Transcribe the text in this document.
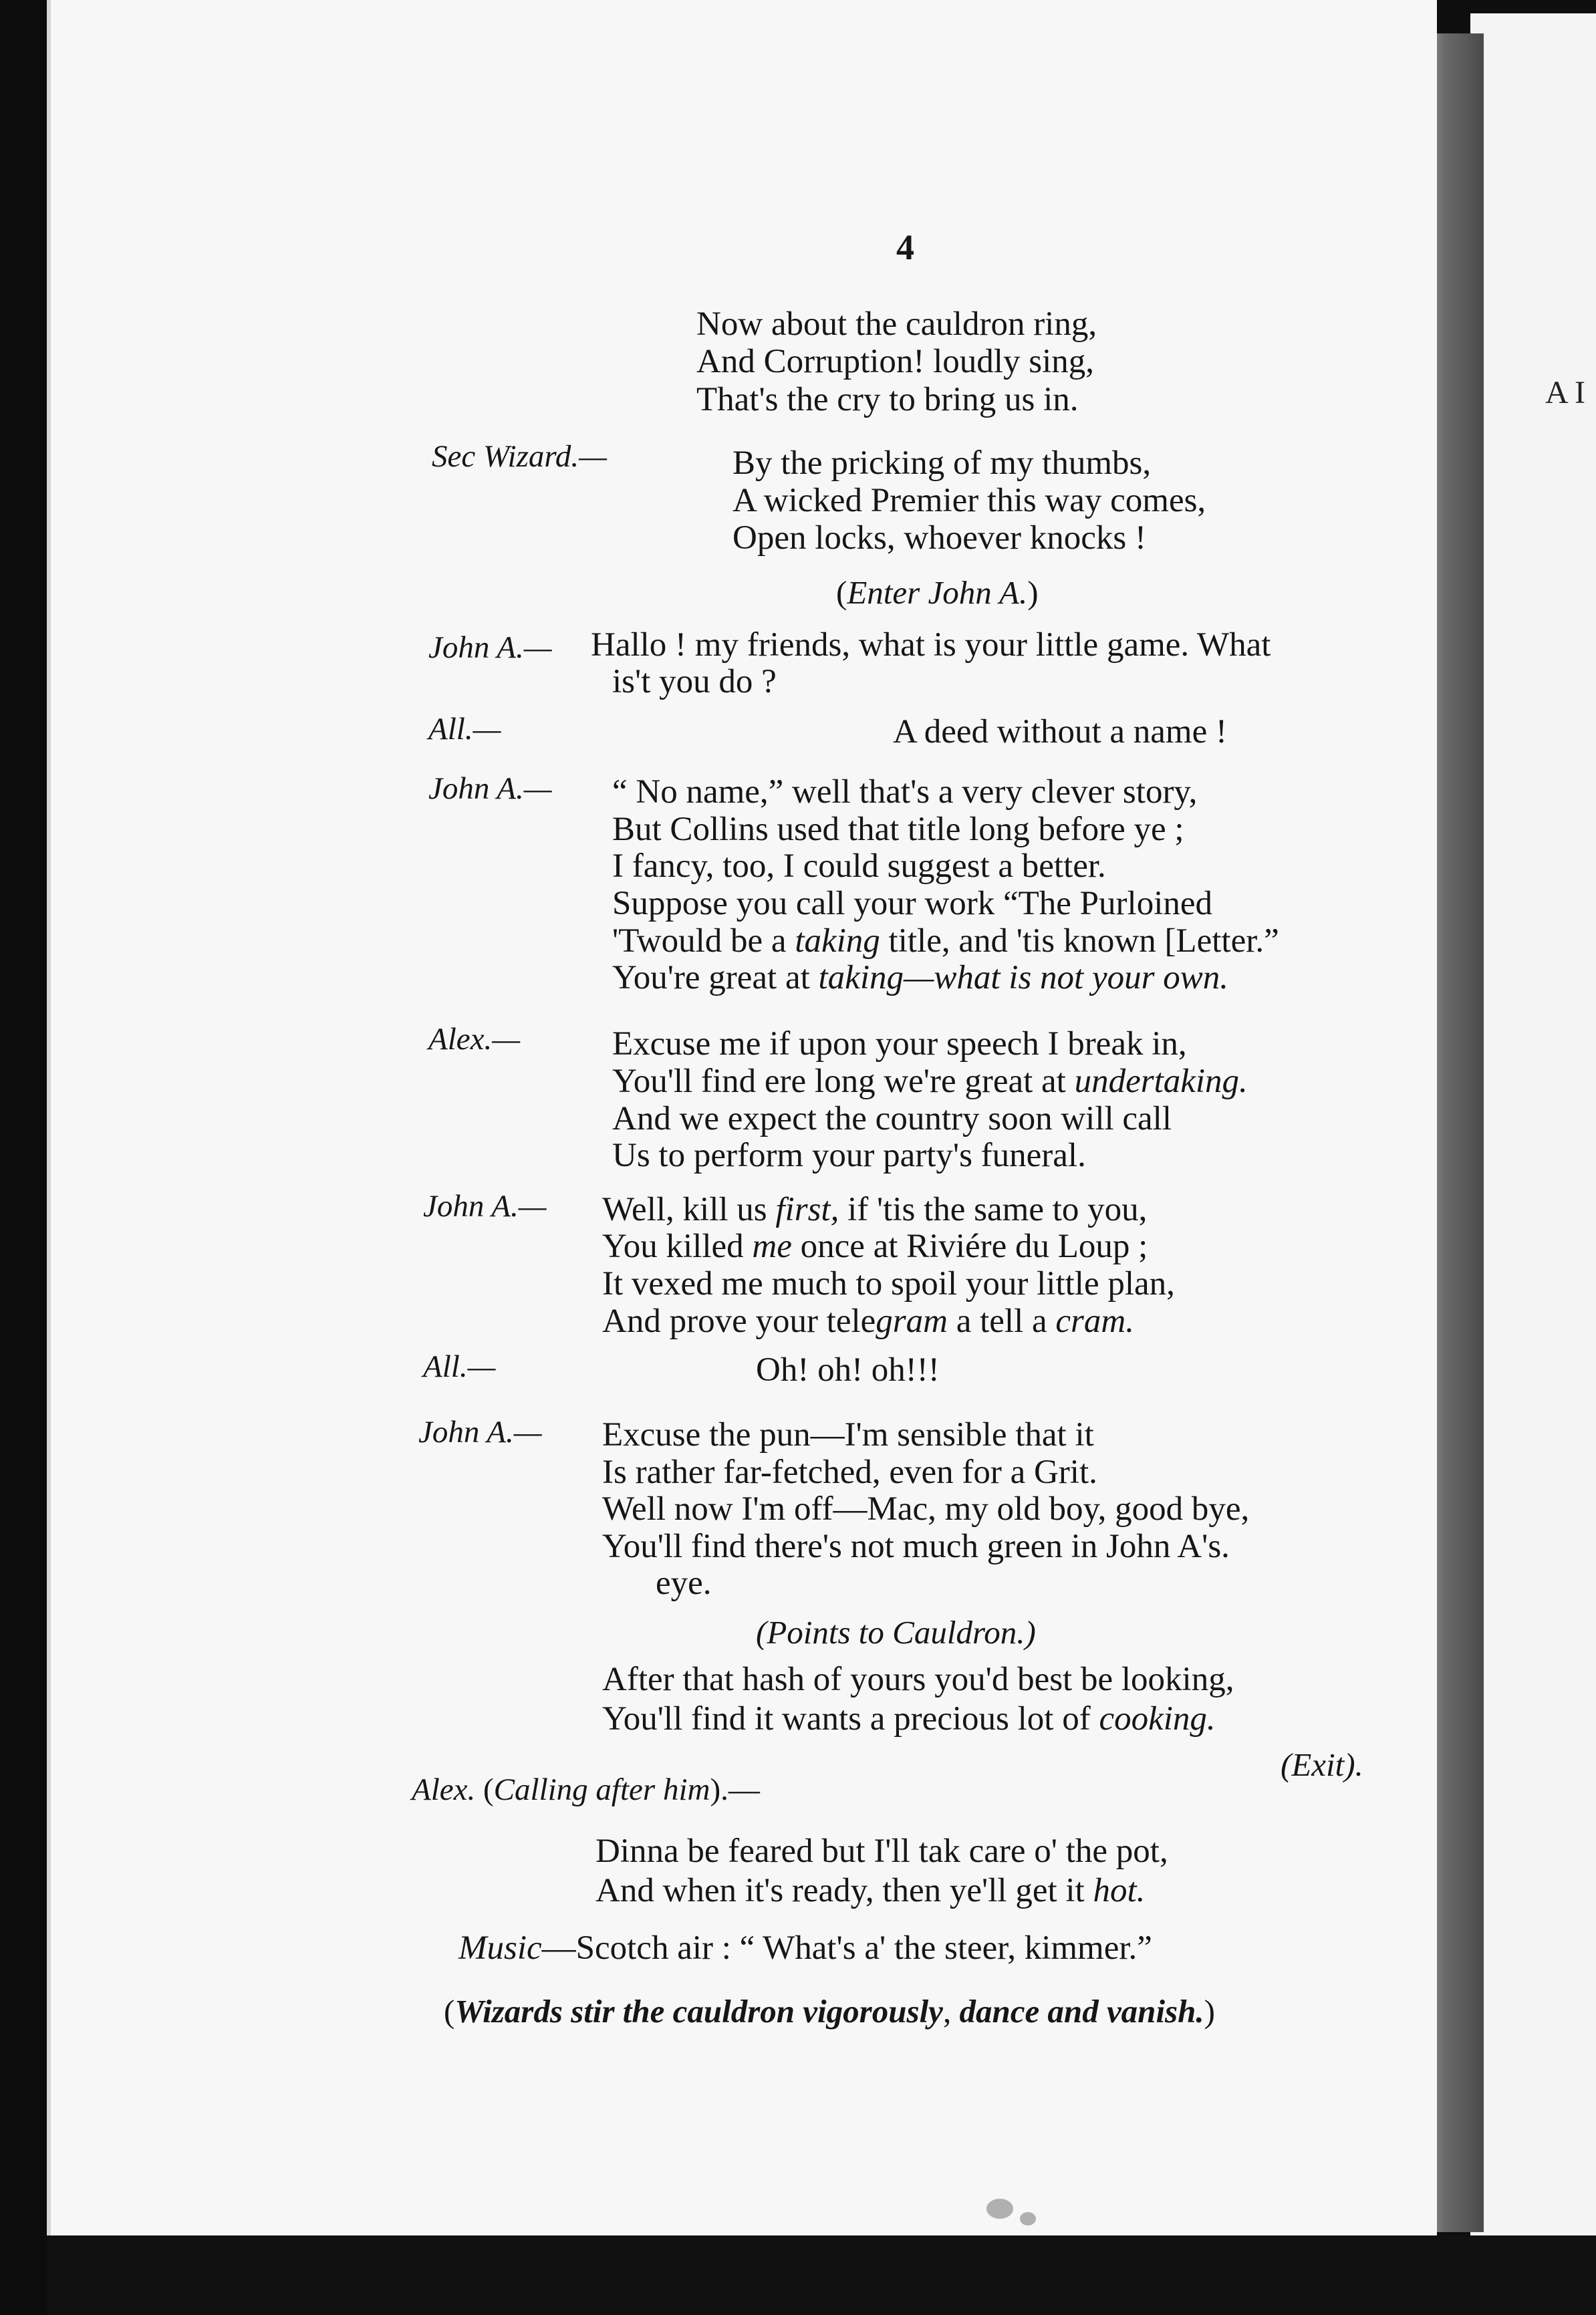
A I
4
Now about the cauldron ring,
And Corruption! loudly sing,
That's the cry to bring us in.
Sec Wizard.—	By the pricking of my thumbs,
A wicked Premier this way comes,
Open locks, whoever knocks !
(Enter John A.)
John A.— Hallo ! my friends, what is your little game. What
is't you do ?
All.—	A deed without a name !
John A.— “ No name,” well that's a very clever story,
But Collins used that title long before ye ;
I fancy, too, I could suggest a better.
Suppose you call your work “The Purloined
'Twould be a taking title, and 'tis known [Letter.”
You're great at taking—what is not your own.
Alex.—	Excuse me if upon your speech I break in,
You'll find ere long we're great at undertaking.
And we expect the country soon will call
Us to perform your party's funeral.
John A.— Well, kill us first, if 'tis the same to you,
You killed me once at Riviére du Loup ;
It vexed me much to spoil your little plan,
And prove your telegram a tell a cram.
All.—	Oh! oh! oh!!!
John A.— Excuse the pun—I'm sensible that it
Is rather far-fetched, even for a Grit.
Well now I'm off—Mac, my old boy, good bye,
You'll find there's not much green in John A's.
eye.
(Points to Cauldron.)
After that hash of yours you'd best be looking,
You'll find it wants a precious lot of cooking.
(Exit).
Alex. (Calling after him).—
Dinna be feared but I'll tak care o' the pot,
And when it's ready, then ye'll get it hot.
Music—Scotch air : “ What's a' the steer, kimmer.”
(Wizards stir the cauldron vigorously, dance and vanish.)
